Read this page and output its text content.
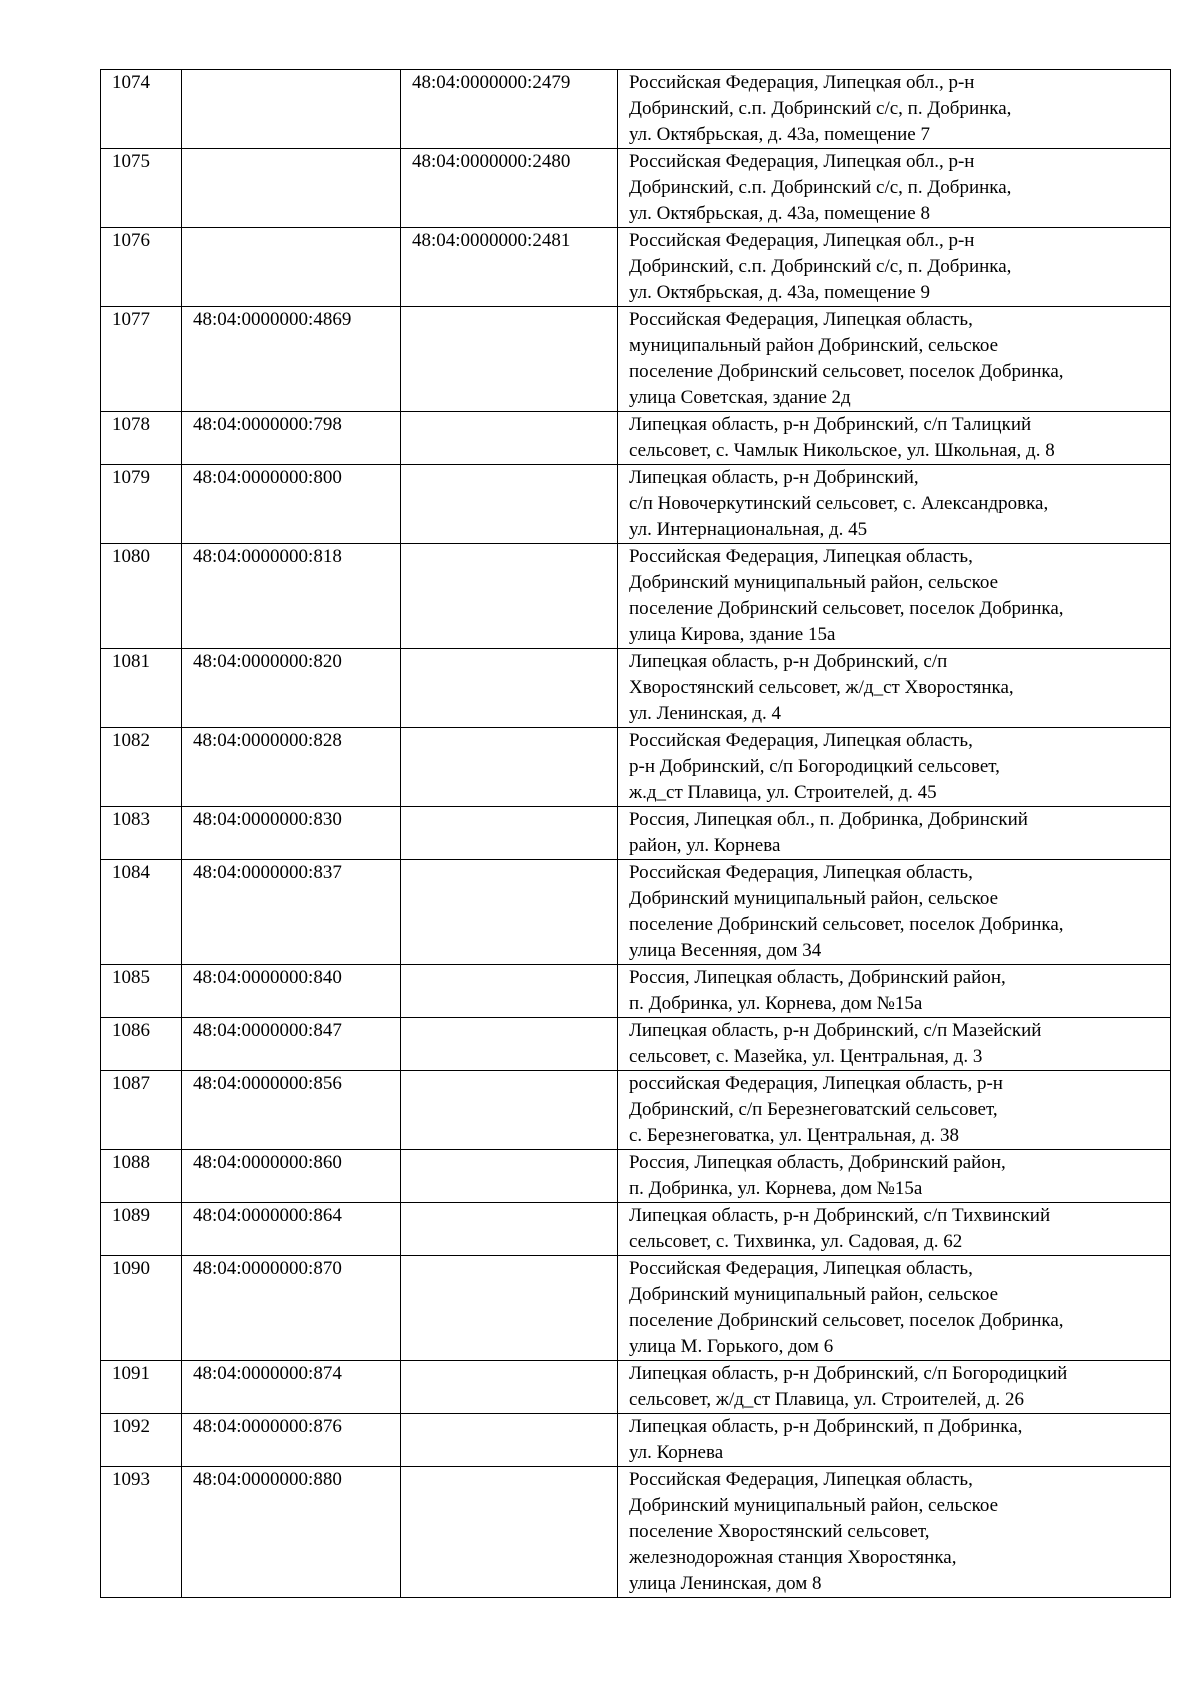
1074		48:04:0000000:2479	Российская Федерация, Липецкая обл., р-н
Добринский, с.п. Добринский с/с, п. Добринка,
ул. Октябрьская, д. 43а, помещение 7

1075		48:04:0000000:2480	Российская Федерация, Липецкая обл., р-н
Добринский, с.п. Добринский с/с, п. Добринка,
ул. Октябрьская, д. 43а, помещение 8

1076		48:04:0000000:2481	Российская Федерация, Липецкая обл., р-н
Добринский, с.п. Добринский с/с, п. Добринка,
ул. Октябрьская, д. 43а, помещение 9

1077	48:04:0000000:4869		Российская Федерация, Липецкая область,
муниципальный район Добринский, сельское
поселение Добринский сельсовет, поселок Добринка,
улица Советская, здание 2д

1078	48:04:0000000:798		Липецкая область, р-н Добринский, с/п Талицкий
сельсовет, с. Чамлык Никольское, ул. Школьная, д. 8

1079	48:04:0000000:800		Липецкая область, р-н Добринский,
с/п Новочеркутинский сельсовет, с. Александровка,
ул. Интернациональная, д. 45

1080	48:04:0000000:818		Российская Федерация, Липецкая область,
Добринский муниципальный район, сельское
поселение Добринский сельсовет, поселок Добринка,
улица Кирова, здание 15а

1081	48:04:0000000:820		Липецкая область, р-н Добринский, с/п
Хворостянский сельсовет, ж/д_ст Хворостянка,
ул. Ленинская, д. 4

1082	48:04:0000000:828		Российская Федерация, Липецкая область,
р-н Добринский, с/п Богородицкий сельсовет,
ж.д_ст Плавица, ул. Строителей, д. 45

1083	48:04:0000000:830		Россия, Липецкая обл., п. Добринка, Добринский
район, ул. Корнева

1084	48:04:0000000:837		Российская Федерация, Липецкая область,
Добринский муниципальный район, сельское
поселение Добринский сельсовет, поселок Добринка,
улица Весенняя, дом 34

1085	48:04:0000000:840		Россия, Липецкая область, Добринский район,
п. Добринка, ул. Корнева, дом №15а

1086	48:04:0000000:847		Липецкая область, р-н Добринский, с/п Мазейский
сельсовет, с. Мазейка, ул. Центральная, д. 3

1087	48:04:0000000:856		российская Федерация, Липецкая область, р-н
Добринский, с/п Березнеговатский сельсовет,
с. Березнеговатка, ул. Центральная, д. 38

1088	48:04:0000000:860		Россия, Липецкая область, Добринский район,
п. Добринка, ул. Корнева, дом №15а

1089	48:04:0000000:864		Липецкая область, р-н Добринский, с/п Тихвинский
сельсовет, с. Тихвинка, ул. Садовая, д. 62

1090	48:04:0000000:870		Российская Федерация, Липецкая область,
Добринский муниципальный район, сельское
поселение Добринский сельсовет, поселок Добринка,
улица М. Горького, дом 6

1091	48:04:0000000:874		Липецкая область, р-н Добринский, с/п Богородицкий
сельсовет, ж/д_ст Плавица, ул. Строителей, д. 26

1092	48:04:0000000:876		Липецкая область, р-н Добринский, п Добринка,
ул. Корнева

1093	48:04:0000000:880		Российская Федерация, Липецкая область,
Добринский муниципальный район, сельское
поселение Хворостянский сельсовет,
железнодорожная станция Хворостянка,
улица Ленинская, дом 8
